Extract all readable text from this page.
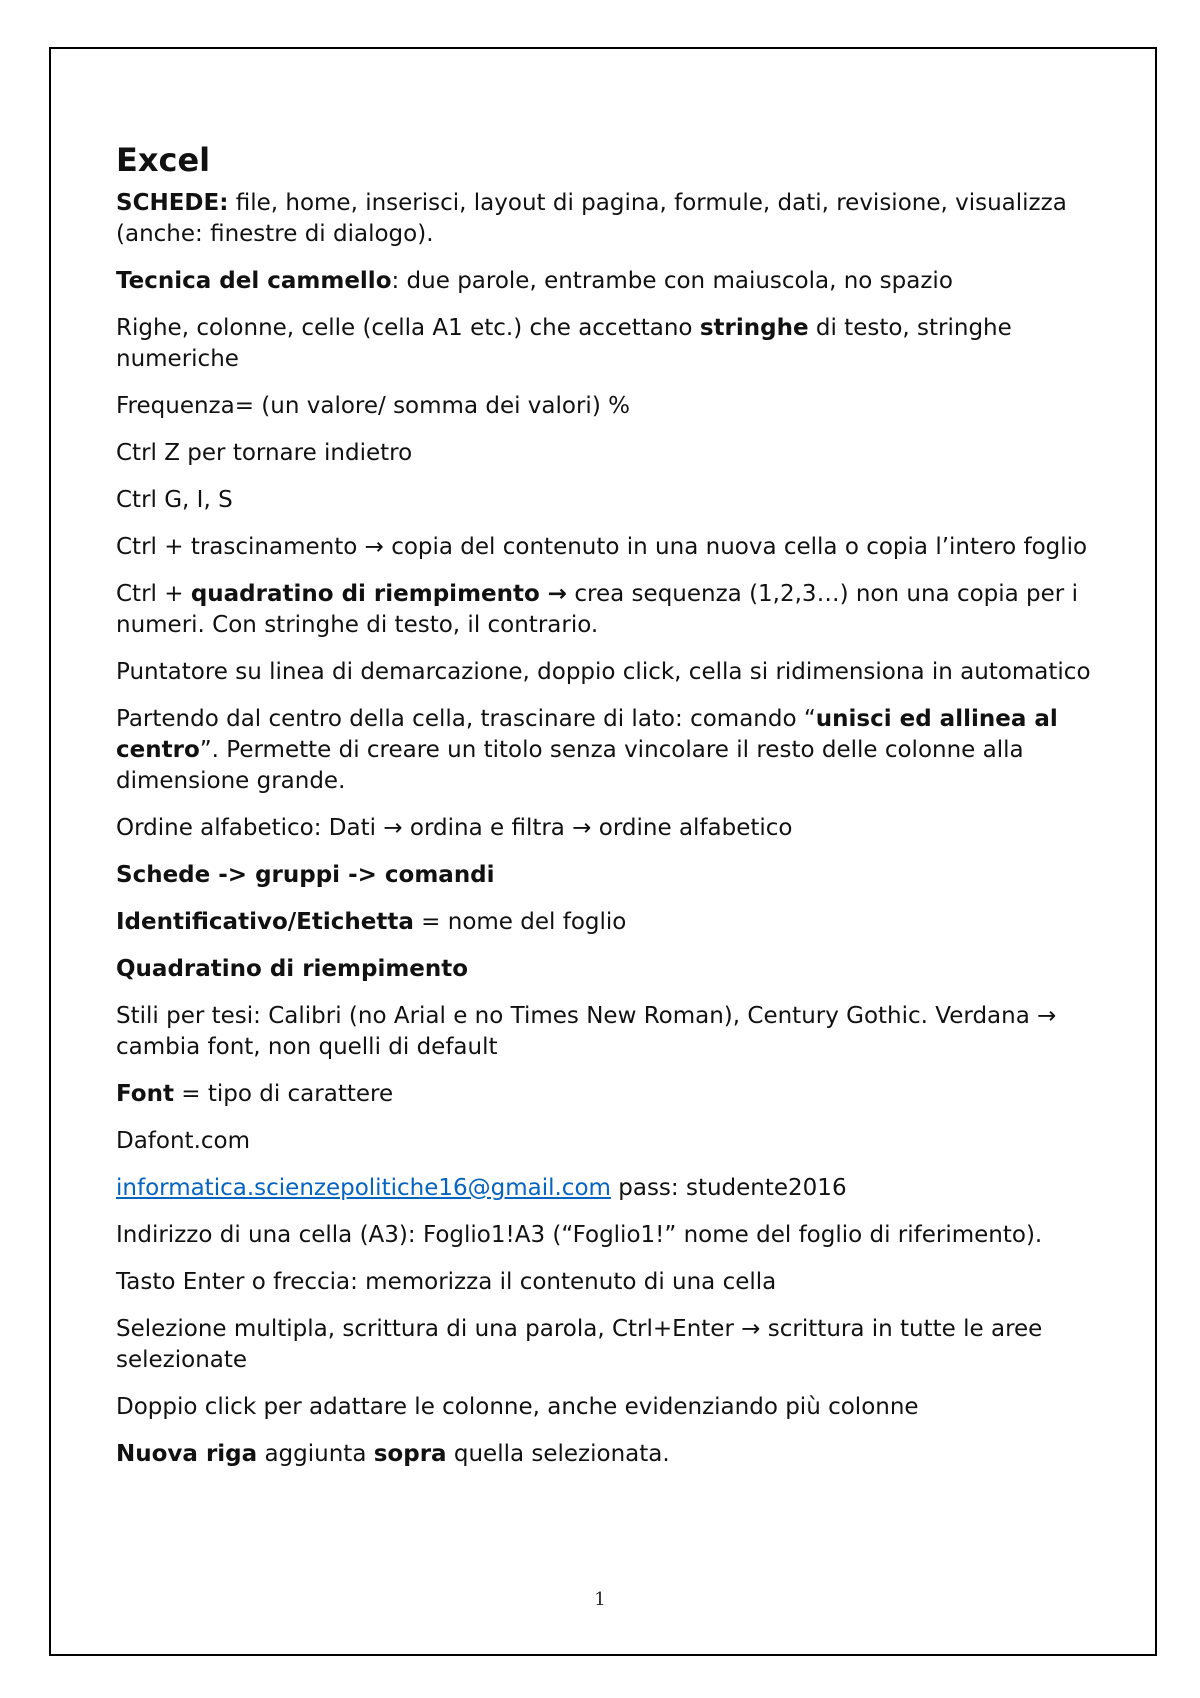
Excel

SCHEDE: file, home, inserisci, layout di pagina, formule, dati, revisione, visualizza (anche: finestre di dialogo).

Tecnica del cammello: due parole, entrambe con maiuscola, no spazio

Righe, colonne, celle (cella A1 etc.) che accettano stringhe di testo, stringhe numeriche

Frequenza= (un valore/ somma dei valori) %

Ctrl Z per tornare indietro

Ctrl G, I, S

Ctrl + trascinamento → copia del contenuto in una nuova cella o copia l’intero foglio

Ctrl + quadratino di riempimento → crea sequenza (1,2,3…) non una copia per i numeri. Con stringhe di testo, il contrario.

Puntatore su linea di demarcazione, doppio click, cella si ridimensiona in automatico

Partendo dal centro della cella, trascinare di lato: comando “unisci ed allinea al centro”. Permette di creare un titolo senza vincolare il resto delle colonne alla dimensione grande.

Ordine alfabetico: Dati → ordina e filtra → ordine alfabetico

Schede -> gruppi -> comandi

Identificativo/Etichetta = nome del foglio

Quadratino di riempimento

Stili per tesi: Calibri (no Arial e no Times New Roman), Century Gothic. Verdana → cambia font, non quelli di default

Font = tipo di carattere

Dafont.com

informatica.scienzepolitiche16@gmail.com pass: studente2016

Indirizzo di una cella (A3): Foglio1!A3 (“Foglio1!” nome del foglio di riferimento).

Tasto Enter o freccia: memorizza il contenuto di una cella

Selezione multipla, scrittura di una parola, Ctrl+Enter → scrittura in tutte le aree selezionate

Doppio click per adattare le colonne, anche evidenziando più colonne

Nuova riga aggiunta sopra quella selezionata.

1
